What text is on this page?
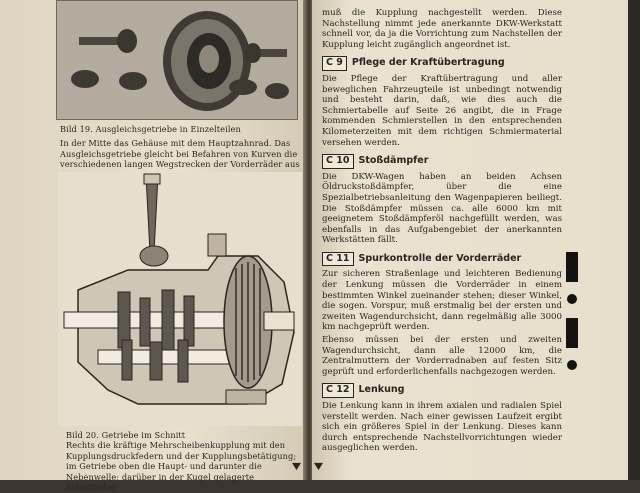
Bild 19. Ausgleichsgetriebe in Einzelteilen
In der Mitte das Gehäuse mit dem Hauptzahnrad. Das Ausgleichsgetriebe gleicht bei Befahren von Kurven die verschiedenen langen Wegstrecken der Vorderräder aus
Bild 20. Getriebe im Schnitt
Rechts die kräftige Mehrscheibenkupplung mit den Kupplungsdruckfedern und der Kupplungsbetätigung; im Getriebe oben die Haupt- und darunter die Nebenwelle; darüber in der Kugel gelagerte Schalthebel

muß die Kupplung nachgestellt werden. Diese Nachstellung nimmt jede anerkannte DKW-Werkstatt schnell vor, da ja die Vorrichtung zum Nachstellen der Kupplung leicht zugänglich angeordnet ist.

C 9 Pflege der Kraftübertragung

Die Pflege der Kraftübertragung und aller beweglichen Fahrzeugteile ist unbedingt notwendig und besteht darin, daß, wie dies auch die Schmiertabelle auf Seite 26 angibt, die in Frage kommenden Schmierstellen in den entsprechenden Kilometerzeiten mit dem richtigen Schmiermaterial versehen werden.

C 10 Stoßdämpfer

Die DKW-Wagen haben an beiden Achsen Öldruckstoßdämpfer, über die eine Spezialbetriebsanleitung den Wagenpapieren beiliegt. Die Stoßdämpfer müssen ca. alle 6000 km mit geeignetem Stoßdämpferöl nachgefüllt werden, was ebenfalls in das Aufgabengebiet der anerkannten Werkstätten fällt.

C 11 Spurkontrolle der Vorderräder

Zur sicheren Straßenlage und leichteren Bedienung der Lenkung müssen die Vorderräder in einem bestimmten Winkel zueinander stehen; dieser Winkel, die sogen. Vorspur, muß erstmalig bei der ersten und zweiten Wagendurchsicht, dann regelmäßig alle 3000 km nachgeprüft werden.

Ebenso müssen bei der ersten und zweiten Wagendurchsicht, dann alle 12000 km, die Zentralmuttern der Vorderradnaben auf festen Sitz geprüft und erforderlichenfalls nachgezogen werden.

C 12 Lenkung

Die Lenkung kann in ihrem axialen und radialen Spiel verstellt werden. Nach einer gewissen Laufzeit ergibt sich ein größeres Spiel in der Lenkung. Dieses kann durch entsprechende Nachstellvorrichtungen wieder ausgeglichen werden.
